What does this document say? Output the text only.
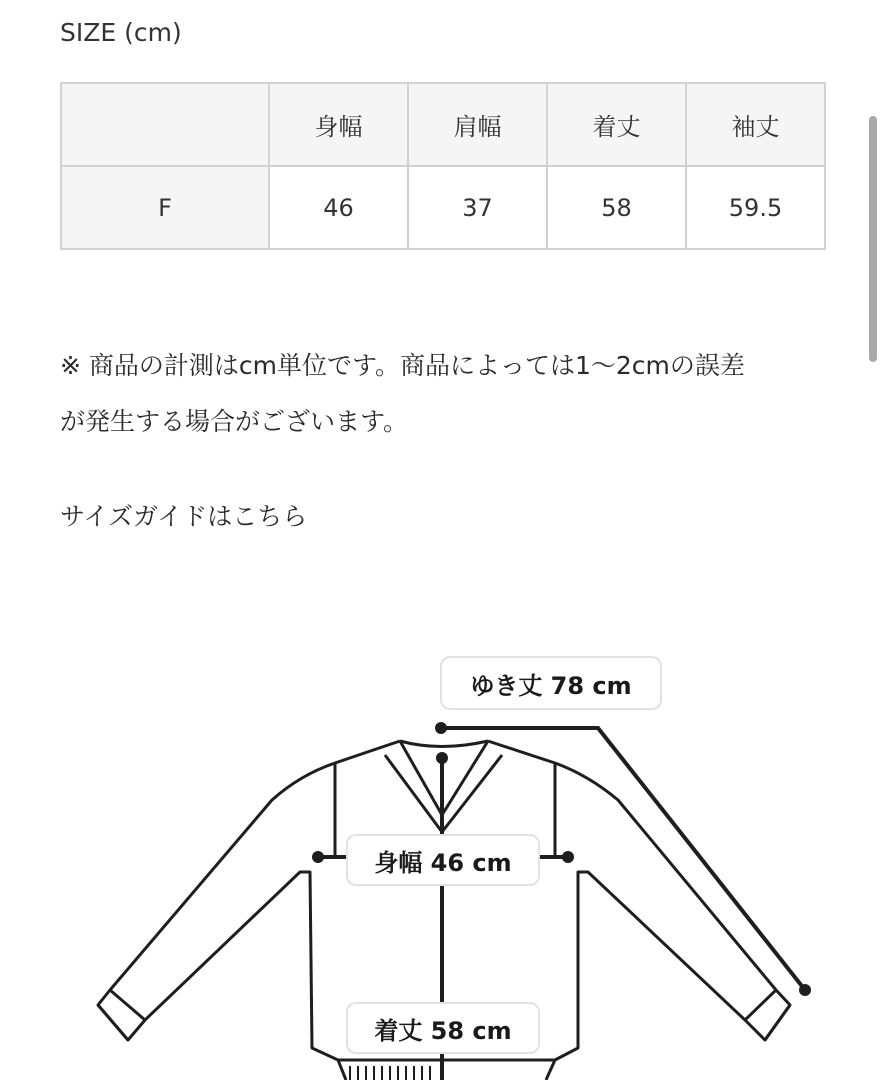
SIZE (cm)
	身幅	肩幅	着丈	袖丈
F	46	37	58	59.5
※ 商品の計測はcm単位です。商品によっては1〜2cmの誤差
が発生する場合がございます。
サイズガイドはこちら
ゆき丈 78 cm
身幅 46 cm
着丈 58 cm
